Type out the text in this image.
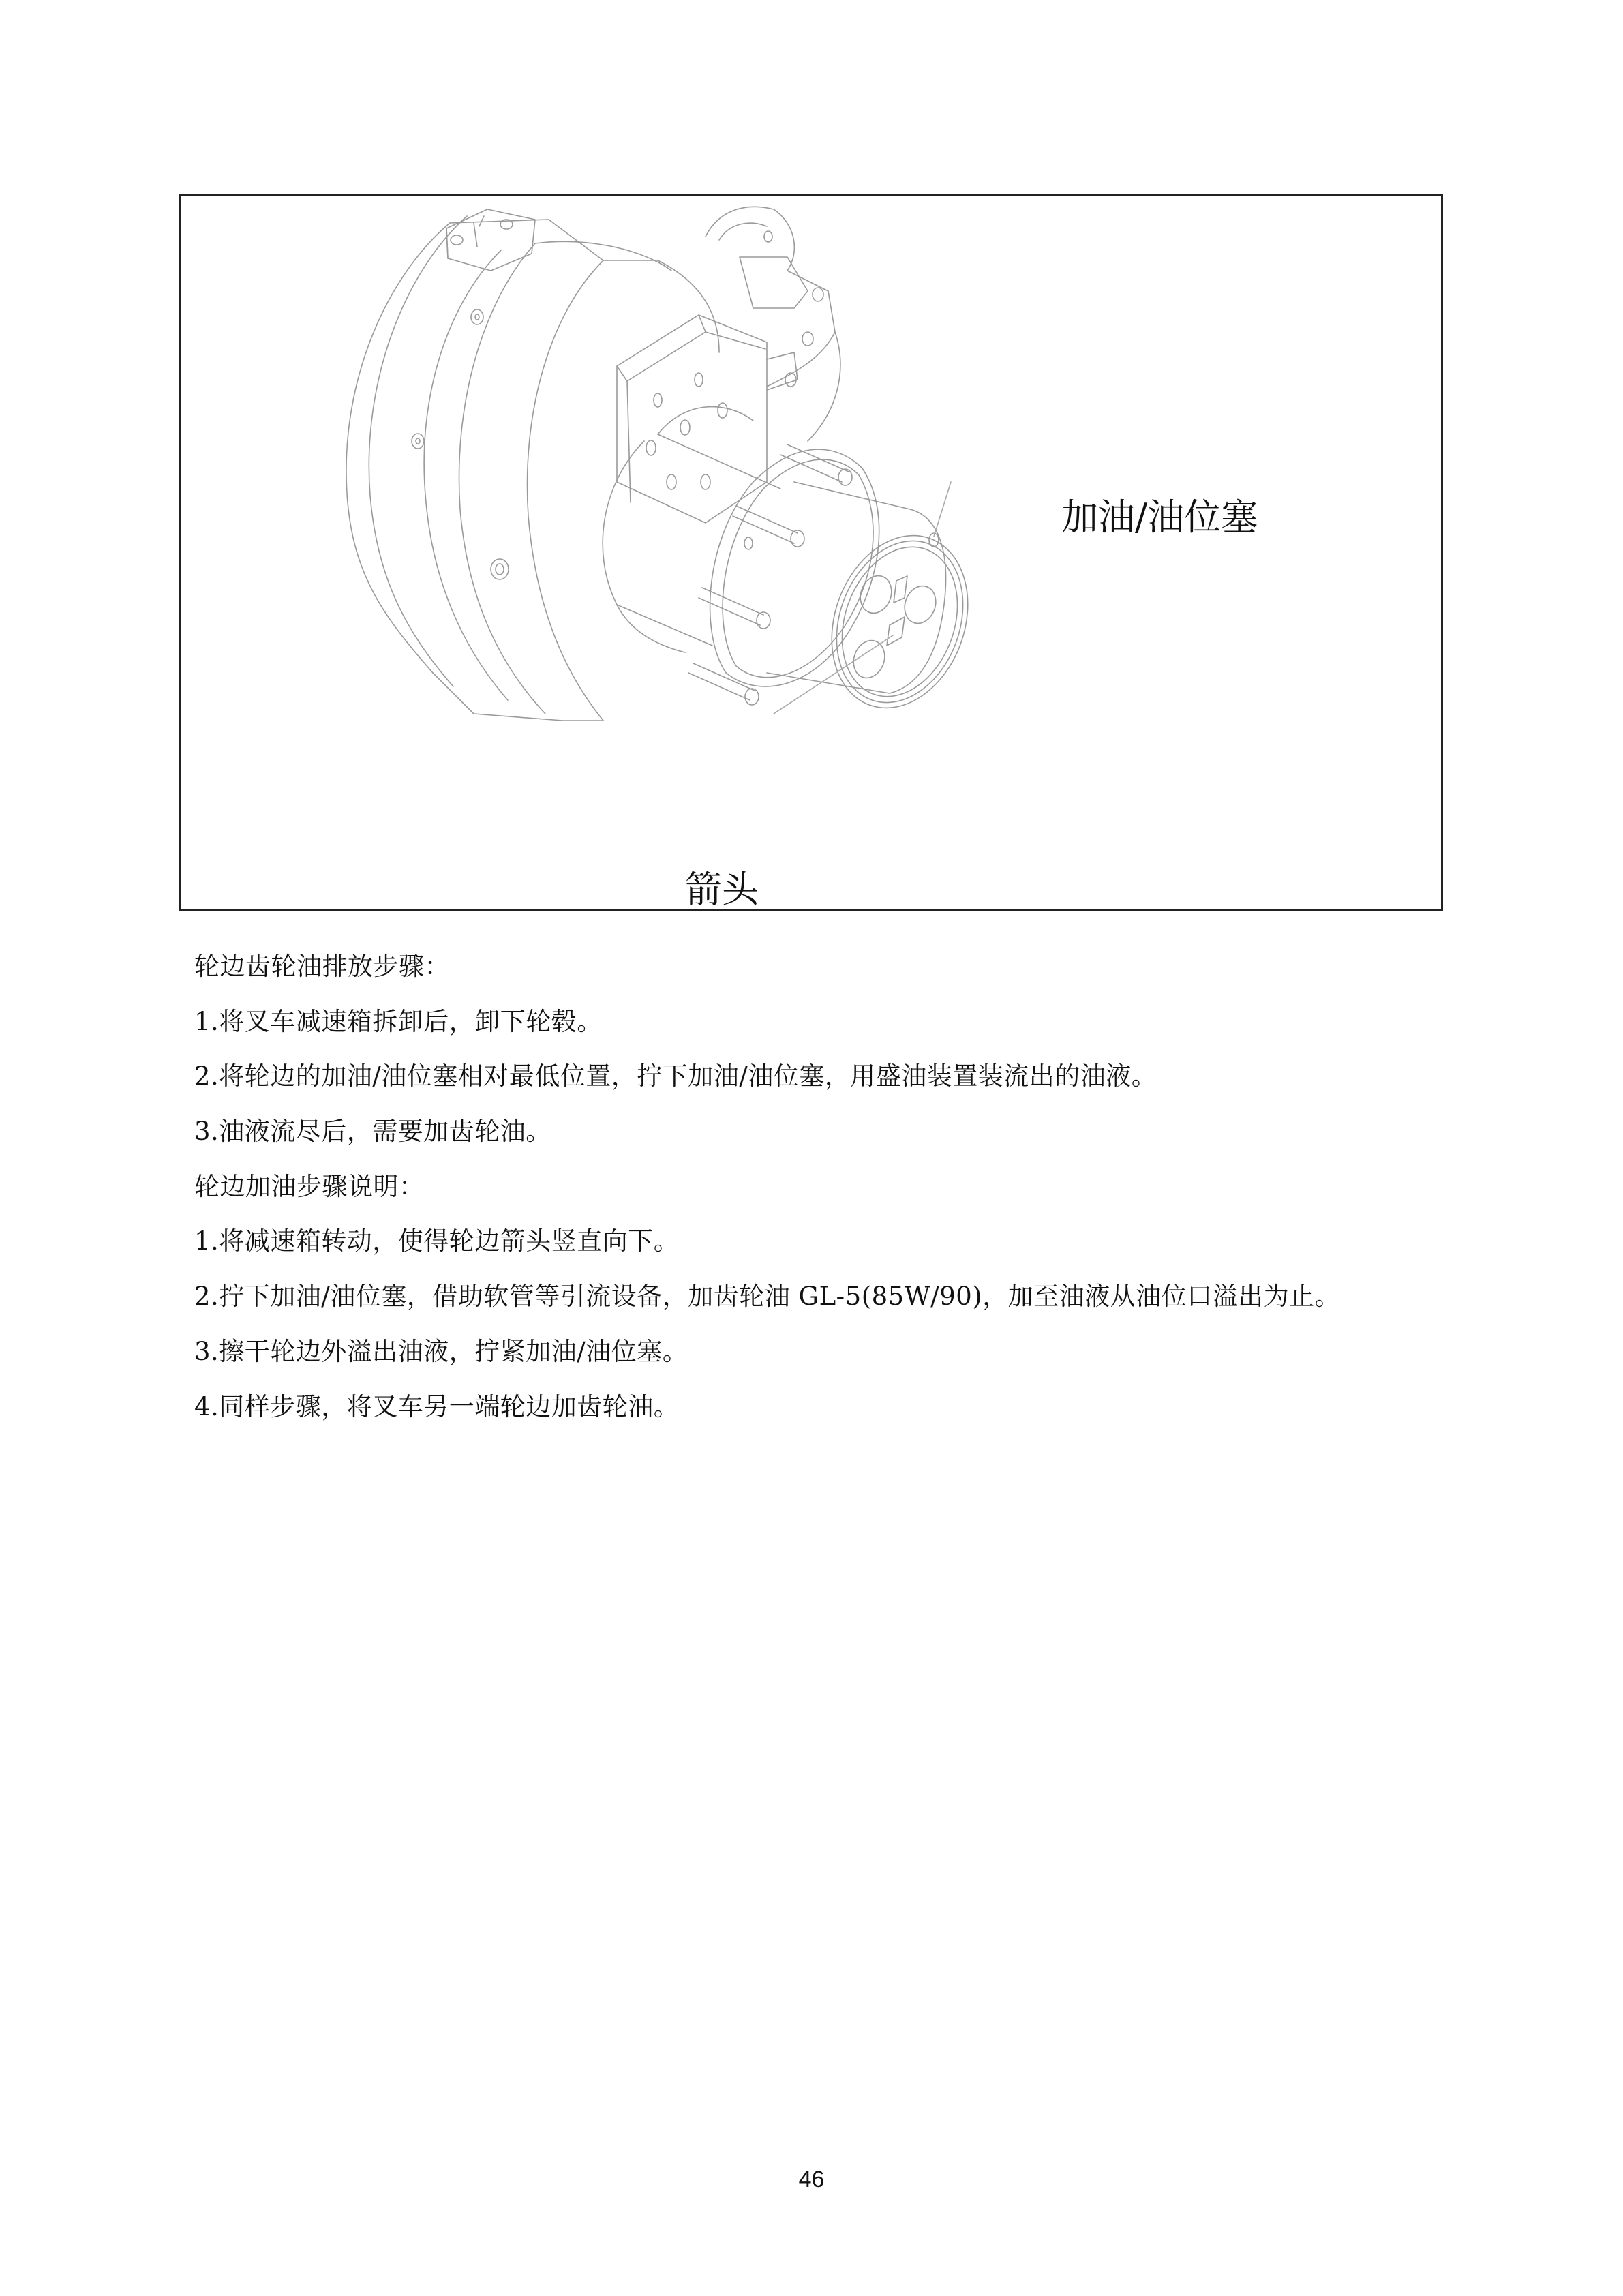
加油/油位塞
箭头
轮边齿轮油排放步骤：
1.将叉车减速箱拆卸后，卸下轮毂。
2.将轮边的加油/油位塞相对最低位置，拧下加油/油位塞，用盛油装置装流出的油液。
3.油液流尽后，需要加齿轮油。
轮边加油步骤说明：
1.将减速箱转动，使得轮边箭头竖直向下。
2.拧下加油/油位塞，借助软管等引流设备，加齿轮油 GL-5(85W/90)，加至油液从油位口溢出为止。
3.擦干轮边外溢出油液，拧紧加油/油位塞。
4.同样步骤，将叉车另一端轮边加齿轮油。
46
